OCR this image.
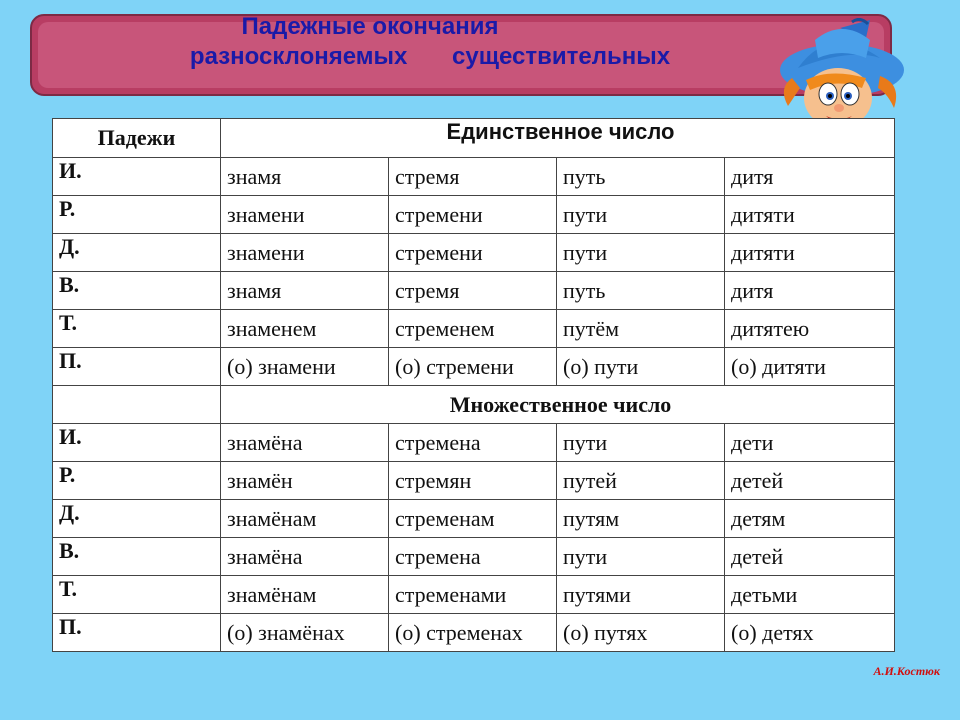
Падежные окончания
разносклоняемых существительных
Падежи	Единственное число			
И.	знамя	стремя	путь	дитя
Р.	знамени	стремени	пути	дитяти
Д.	знамени	стремени	пути	дитяти
В.	знамя	стремя	путь	дитя
Т.	знаменем	стременем	путём	дитятею
П.	(о) знамени	(о) стремени	(о) пути	(о) дитяти
	Множественное число			
И.	знамёна	стремена	пути	дети
Р.	знамён	стремян	путей	детей
Д.	знамёнам	стременам	путям	детям
В.	знамёна	стремена	пути	детей
Т.	знамёнам	стременами	путями	детьми
П.	(о) знамёнах	(о) стременах	(о) путях	(о) детях
А.И.Костюк
